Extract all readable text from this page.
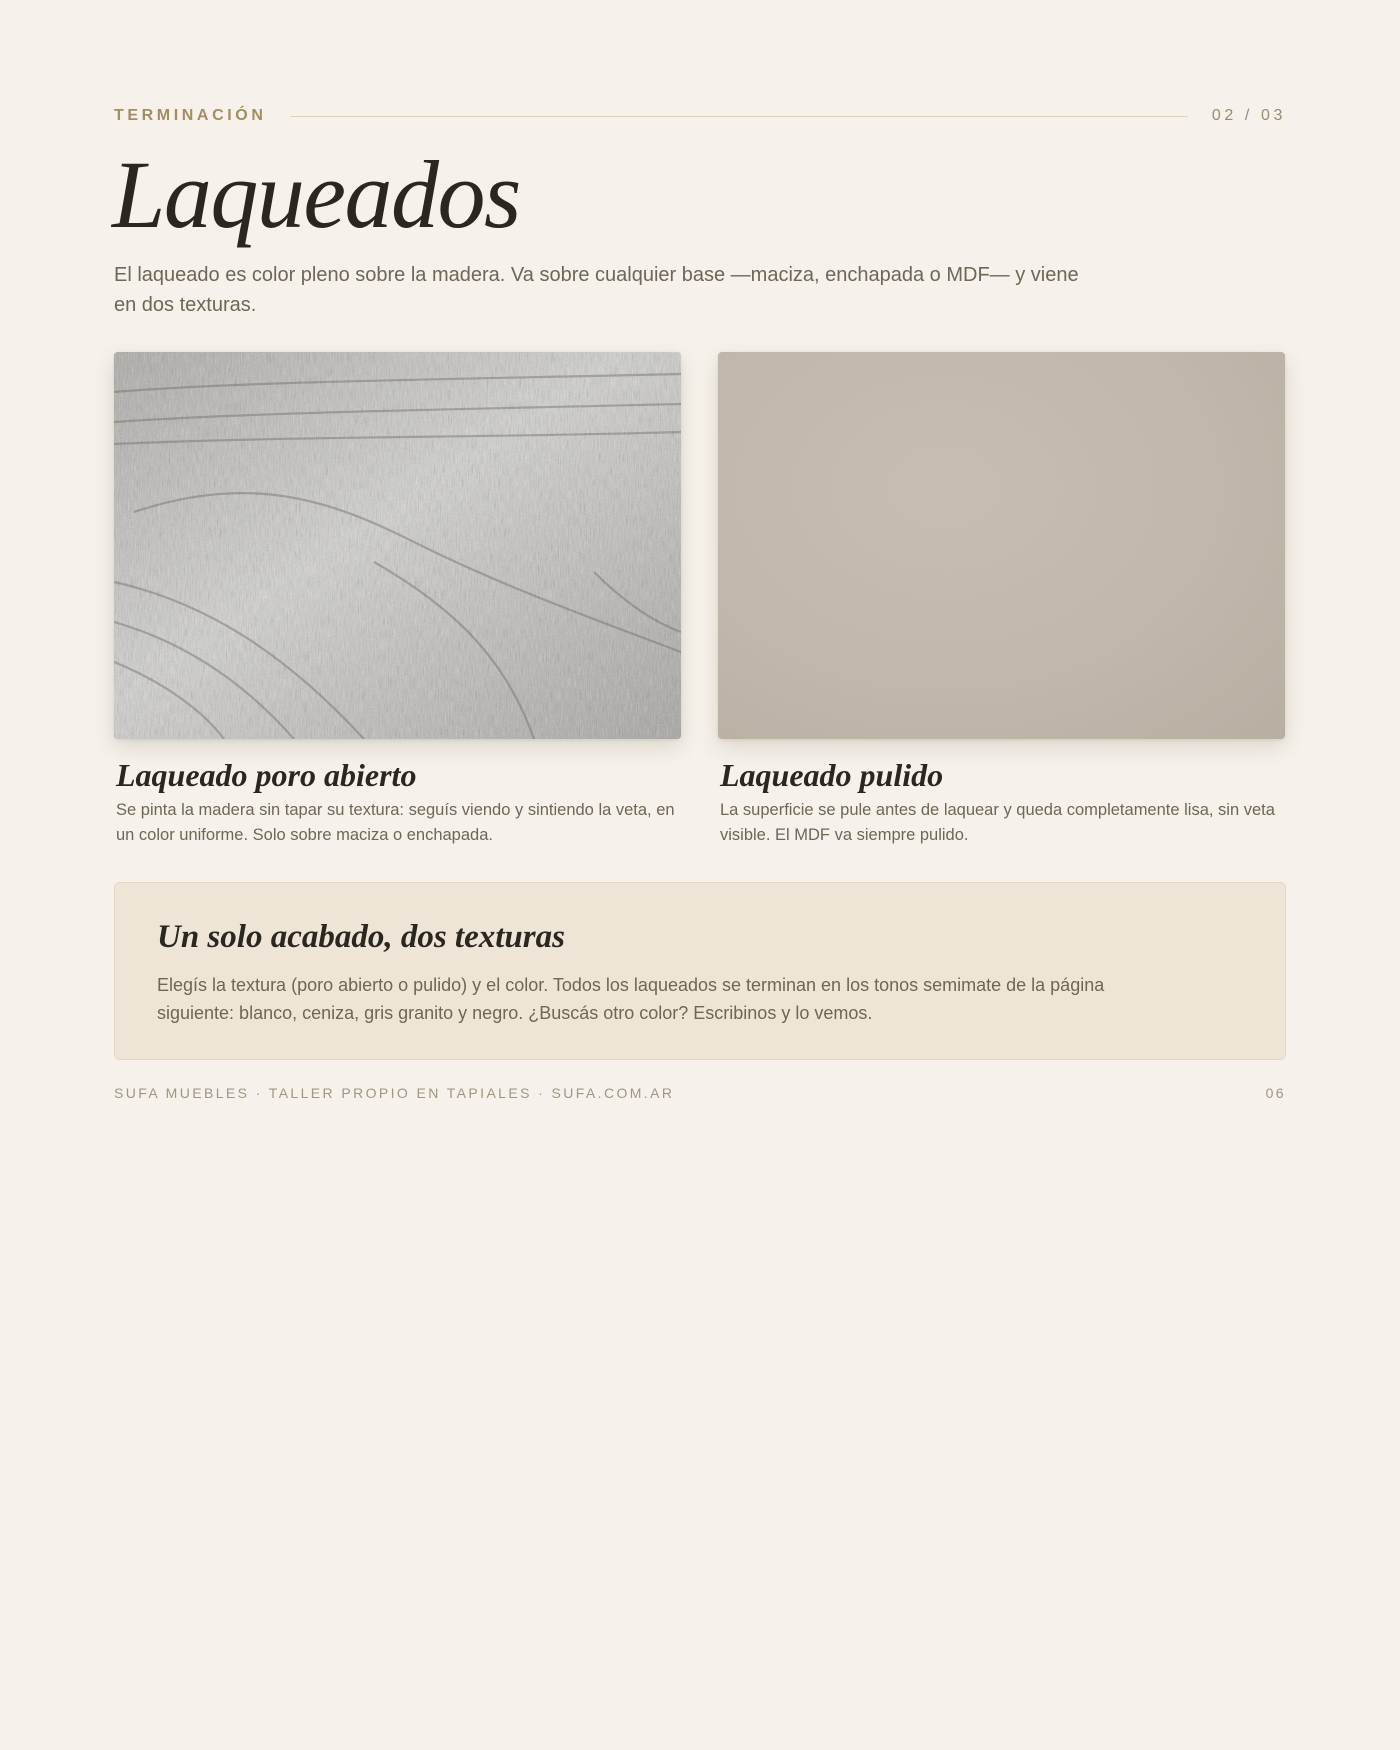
TERMINACIÓN	02 / 03
Laqueados

El laqueado es color pleno sobre la madera. Va sobre cualquier base —maciza, enchapada o MDF— y viene en dos texturas.

Laqueado poro abierto

Se pinta la madera sin tapar su textura: seguís viendo y sintiendo la veta, en un color uniforme. Solo sobre maciza o enchapada.

Laqueado pulido

La superficie se pule antes de laquear y queda completamente lisa, sin veta visible. El MDF va siempre pulido.

Un solo acabado, dos texturas

Elegís la textura (poro abierto o pulido) y el color. Todos los laqueados se terminan en los tonos semimate de la página siguiente: blanco, ceniza, gris granito y negro. ¿Buscás otro color? Escribinos y lo vemos.

SUFA MUEBLES · TALLER PROPIO EN TAPIALES · SUFA.COM.AR	06
